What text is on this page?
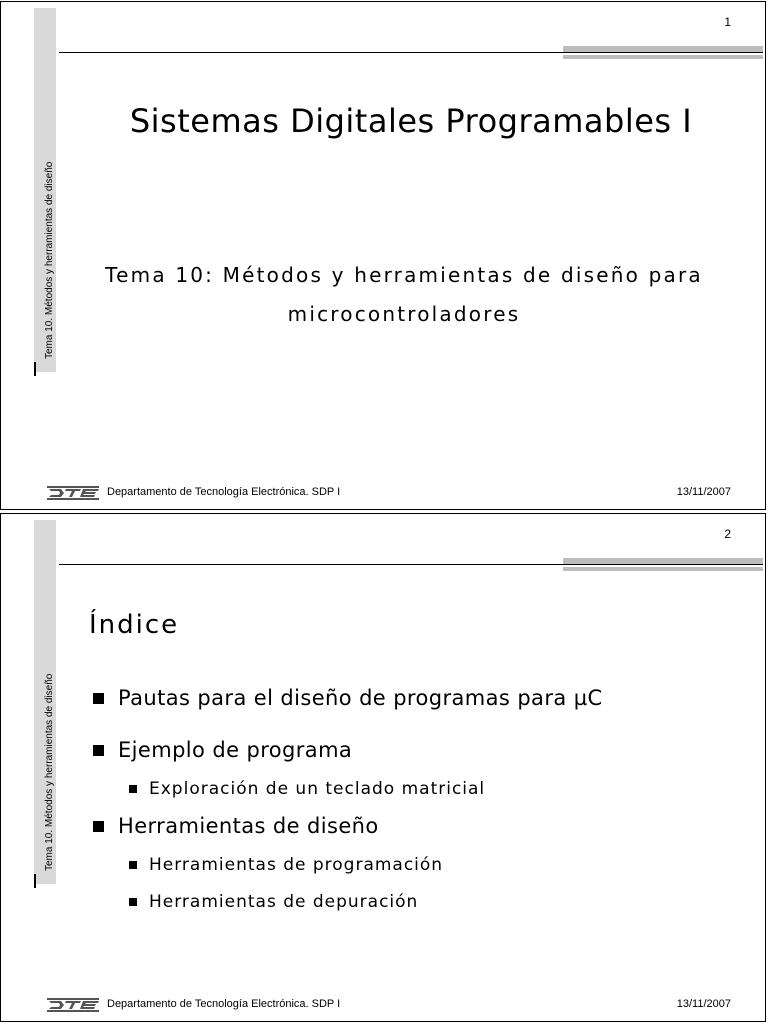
Tema 10. Métodos y herramientas de diseño
1
Sistemas Digitales Programables I
Tema 10: Métodos y herramientas de diseño para
microcontroladores
Departamento de Tecnología Electrónica. SDP I	13/11/2007
Tema 10. Métodos y herramientas de diseño
2
Índice
Pautas para el diseño de programas para µC
Ejemplo de programa
Exploración de un teclado matricial
Herramientas de diseño
Herramientas de programación
Herramientas de depuración
Departamento de Tecnología Electrónica. SDP I	13/11/2007
